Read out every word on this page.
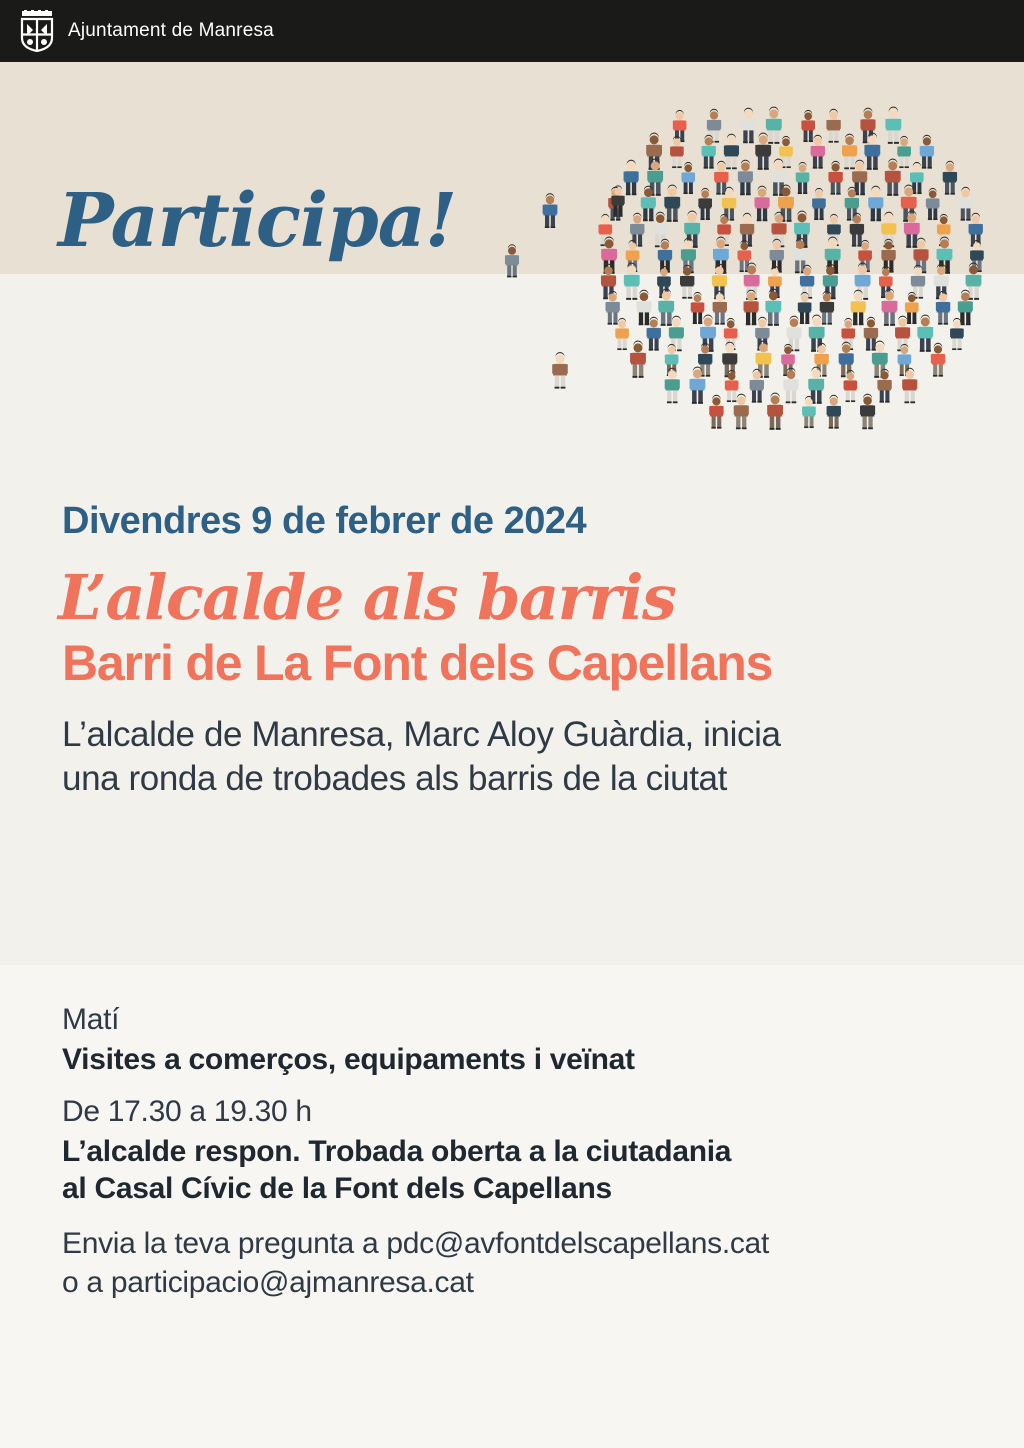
Ajuntament de Manresa
Participa!
Divendres 9 de febrer de 2024
L’alcalde als barris
Barri de La Font dels Capellans
L’alcalde de Manresa, Marc Aloy Guàrdia, inicia
una ronda de trobades als barris de la ciutat
Matí
Visites a comerços, equipaments i veïnat
De 17.30 a 19.30 h
L’alcalde respon. Trobada oberta a la ciutadania
al Casal Cívic de la Font dels Capellans
Envia la teva pregunta a pdc@avfontdelscapellans.cat
o a participacio@ajmanresa.cat
